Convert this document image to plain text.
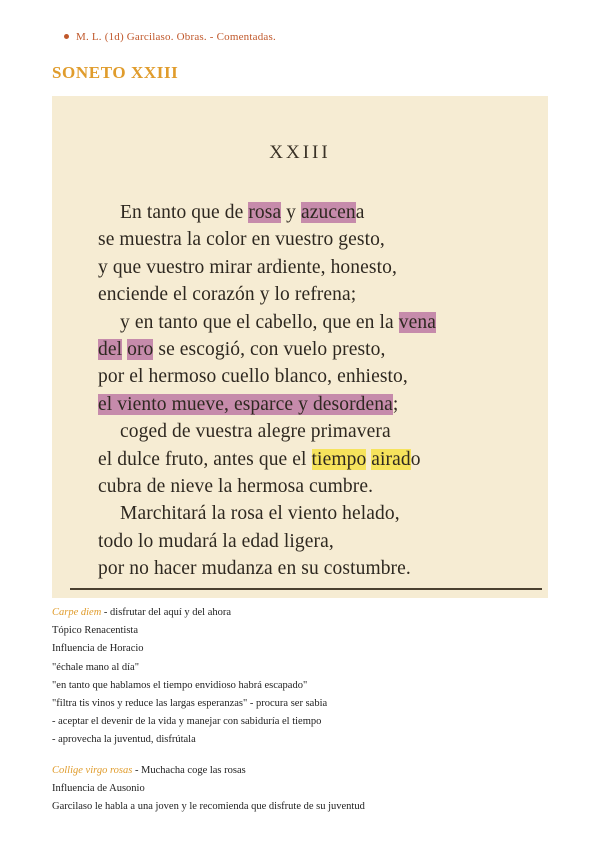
M. L. (1d) Garcilaso. Obras. - Comentadas.
SONETO XXIII
XXIII
En tanto que de rosa y azucena
se muestra la color en vuestro gesto,
y que vuestro mirar ardiente, honesto,
enciende el corazón y lo refrena;
y en tanto que el cabello, que en la vena
del oro se escogió, con vuelo presto,
por el hermoso cuello blanco, enhiesto,
el viento mueve, esparce y desordena;
coged de vuestra alegre primavera
el dulce fruto, antes que el tiempo airado
cubra de nieve la hermosa cumbre.
Marchitará la rosa el viento helado,
todo lo mudará la edad ligera,
por no hacer mudanza en su costumbre.
Carpe diem - disfrutar del aquí y del ahora
Tópico Renacentista
Influencia de Horacio
"échale mano al día"
"en tanto que hablamos el tiempo envidioso habrá escapado"
"filtra tis vinos y reduce las largas esperanzas" - procura ser sabia
- aceptar el devenir de la vida y manejar con sabiduría el tiempo
- aprovecha la juventud, disfrútala
Collige virgo rosas - Muchacha coge las rosas
Influencia de Ausonio
Garcilaso le habla a una joven y le recomienda que disfrute de su juventud
